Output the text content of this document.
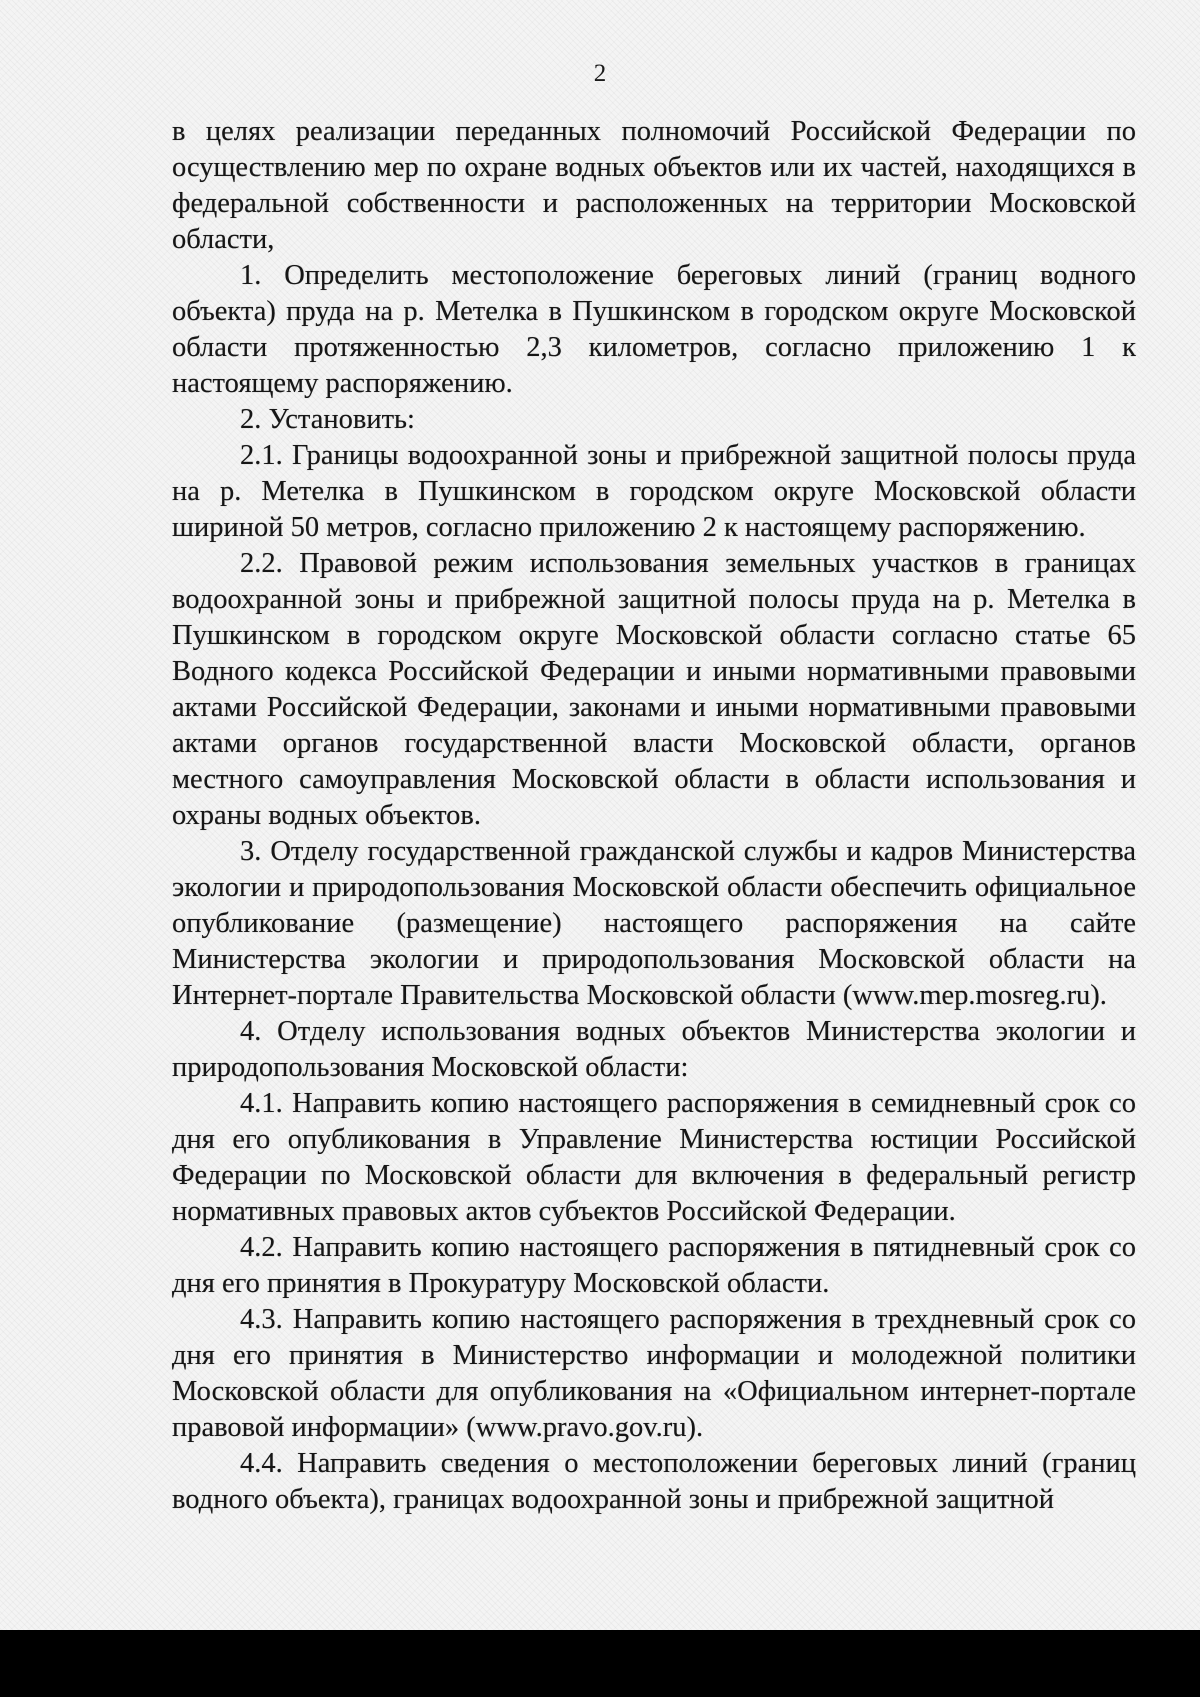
2

в целях реализации переданных полномочий Российской Федерации по осуществлению мер по охране водных объектов или их частей, находящихся в федеральной собственности и расположенных на территории Московской области,

1. Определить местоположение береговых линий (границ водного объекта) пруда на р. Метелка в Пушкинском в городском округе Московской области протяженностью 2,3 километров, согласно приложению 1 к настоящему распоряжению.

2. Установить:

2.1. Границы водоохранной зоны и прибрежной защитной полосы пруда на р. Метелка в Пушкинском в городском округе Московской области шириной 50 метров, согласно приложению 2 к настоящему распоряжению.

2.2. Правовой режим использования земельных участков в границах водоохранной зоны и прибрежной защитной полосы пруда на р. Метелка в Пушкинском в городском округе Московской области согласно статье 65 Водного кодекса Российской Федерации и иными нормативными правовыми актами Российской Федерации, законами и иными нормативными правовыми актами органов государственной власти Московской области, органов местного самоуправления Московской области в области использования и охраны водных объектов.

3. Отделу государственной гражданской службы и кадров Министерства экологии и природопользования Московской области обеспечить официальное опубликование (размещение) настоящего распоряжения на сайте Министерства экологии и природопользования Московской области на Интернет-портале Правительства Московской области (www.mep.mosreg.ru).

4. Отделу использования водных объектов Министерства экологии и природопользования Московской области:

4.1. Направить копию настоящего распоряжения в семидневный срок со дня его опубликования в Управление Министерства юстиции Российской Федерации по Московской области для включения в федеральный регистр нормативных правовых актов субъектов Российской Федерации.

4.2. Направить копию настоящего распоряжения в пятидневный срок со дня его принятия в Прокуратуру Московской области.

4.3. Направить копию настоящего распоряжения в трехдневный срок со дня его принятия в Министерство информации и молодежной политики Московской области для опубликования на «Официальном интернет-портале правовой информации» (www.pravo.gov.ru).

4.4. Направить сведения о местоположении береговых линий (границ водного объекта), границах водоохранной зоны и прибрежной защитной
